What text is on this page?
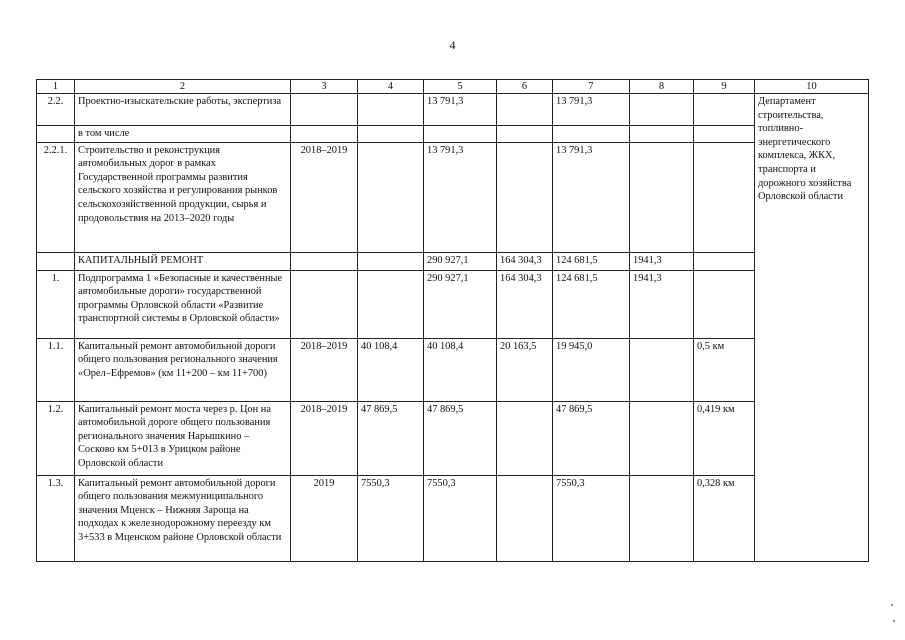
4
1	2	3	4	5	6	7	8	9	10
2.2.	Проектно-изыскательские работы, экспертиза			13 791,3		13 791,3			Департамент строительства, топливно-энергетического комплекса, ЖКХ, транспорта и дорожного хозяйства Орловской области
	в том числе								
2.2.1.	Строительство и реконструкция автомобильных дорог в рамках Государственной программы развития сельского хозяйства и регулирования рынков сельскохозяйственной продукции, сырья и продовольствия на 2013–2020 годы	2018–2019		13 791,3		13 791,3			
	КАПИТАЛЬНЫЙ РЕМОНТ			290 927,1	164 304,3	124 681,5	1941,3		
1.	Подпрограмма 1 «Безопасные и качественные автомобильные дороги» государственной программы Орловской области «Развитие транспортной системы в Орловской области»			290 927,1	164 304,3	124 681,5	1941,3		
1.1.	Капитальный ремонт автомобильной дороги общего пользования регионального значения «Орел–Ефремов» (км 11+200 – км 11+700)	2018–2019	40 108,4	40 108,4	20 163,5	19 945,0		0,5 км	
1.2.	Капитальный ремонт моста через р. Цон на автомобильной дороге общего пользования регионального значения Нарышкино – Сосково км 5+013 в Урицком районе Орловской области	2018–2019	47 869,5	47 869,5		47 869,5		0,419 км	
1.3.	Капитальный ремонт автомобильной дороги общего пользования межмуниципального значения Мценск – Нижняя Зароща на подходах к железнодорожному переезду км 3+533 в Мценском районе Орловской области	2019	7550,3	7550,3		7550,3		0,328 км	
